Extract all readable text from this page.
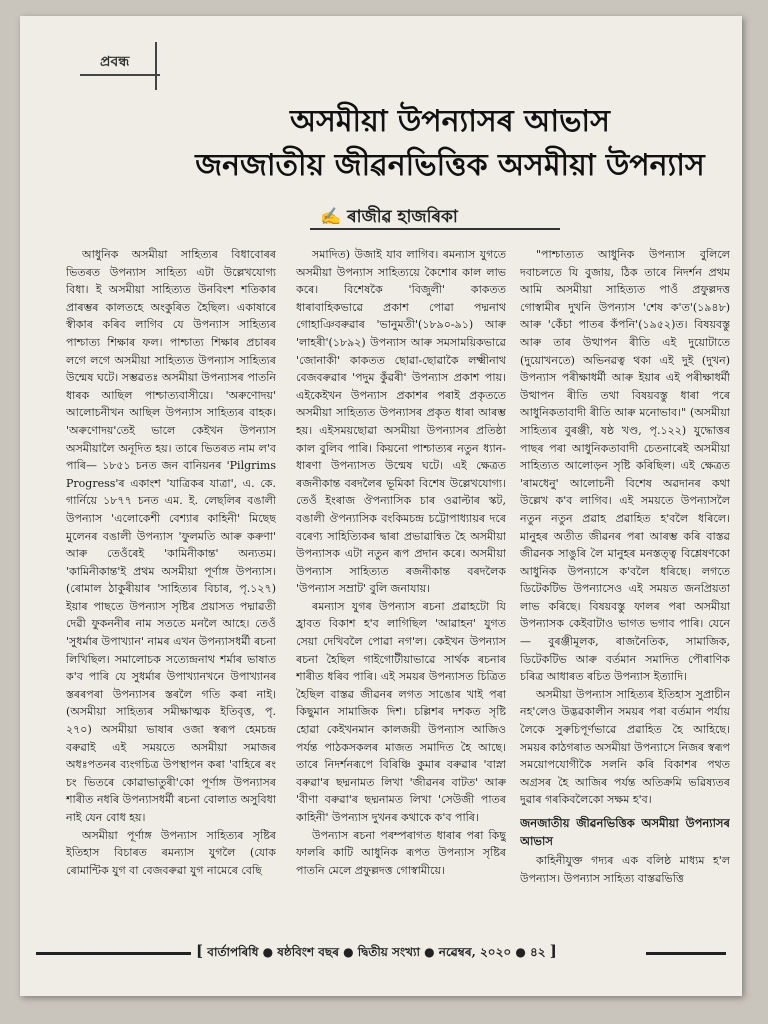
প্ৰবন্ধ
অসমীয়া উপন্যাসৰ আভাস
জনজাতীয় জীৱনভিত্তিক অসমীয়া উপন্যাস
✍ ৰাজীৱ হাজৰিকা

আধুনিক অসমীয়া সাহিত্যৰ বিধাবোৰৰ ভিতৰত উপন্যাস সাহিত্য এটা উল্লেখযোগ্য বিধা। ই অসমীয়া সাহিত্যত উনবিংশ শতিকাৰ প্ৰাৰম্ভৰ কালতহে অংকুৰিত হৈছিল। একাষাৰে স্বীকাৰ কৰিব লাগিব যে উপন্যাস সাহিত্যৰ পাশ্চাত্য শিক্ষাৰ ফল। পাশ্চাত্য শিক্ষাৰ প্ৰচাৰৰ লগে লগে অসমীয়া সাহিত্যত উপন্যাস সাহিত্যৰ উন্মেষ ঘটে। সম্ভৱতঃ অসমীয়া উপন্যাসৰ পাতনি ধাৰক আছিল পাশ্চাত্যবাসীয়ে। 'অৰুণোদয়' আলোচনীখন আছিল উপন্যাস সাহিত্যৰ বাহক। 'অৰুণোদয়'তেই ভালে কেইখন উপন্যাস অসমীয়ালৈ অনূদিত হয়। তাৰে ভিতৰত নাম ল'ব পাৰি— ১৮৫১ চনত জন বানিয়নৰ 'Pilgrims Progress'ৰ একাংশ 'যাত্ৰিকৰ যাত্ৰা', এ. কে. গাৰ্নিয়ে ১৮৭৭ চনত এম. ই. লেছলিৰ বঙালী উপন্যাস 'এলোকেশী বেশ্যাৰ কাহিনী' মিছেছ মুলেনৰ বঙালী উপন্যাস 'ফুলমতি আৰু কৰুণা' আৰু তেওঁৰেই 'কামিনীকান্ত' অন্যতম। 'কামিনীকান্ত'ই প্ৰথম অসমীয়া পূৰ্ণাঙ্গ উপন্যাস। (ৰোমাল ঠাকুৰীয়াৰ 'সাহিত্যৰ বিচাৰ, পৃ.১২৭) ইয়াৰ পাছতে উপন্যাস সৃষ্টিৰ প্ৰয়াসত পদ্মাৱতী দেৱী ফুকননীৰ নাম সততে মনলৈ আহে। তেওঁ 'সুধৰ্মাৰ উপাখ্যান' নামৰ এখন উপন্যাসধৰ্মী ৰচনা লিখিছিল। সমালোচক সত্যেন্দ্ৰনাথ শৰ্মাৰ ভাষাত ক'ব পাৰি যে সুধৰ্মাৰ উপাখ্যানখনে উপাখ্যানৰ স্তৰৰপৰা উপন্যাসৰ স্তৰলৈ গতি কৰা নাই। (অসমীয়া সাহিত্যৰ সমীক্ষাত্মক ইতিবৃত্ত, পৃ. ২৭০) অসমীয়া ভাষাৰ ওজা স্বৰূপ হেমচন্দ্ৰ বৰুৱাই এই সময়তে অসমীয়া সমাজৰ অধঃপতনৰ ব্যংগচিত্ৰ উপস্থাপন কৰা 'বাহিৰে ৰং চং ভিতৰে কোৱাভাতুৰী'কো পূৰ্ণাঙ্গ উপন্যাসৰ শাৰীত নধৰি উপন্যাসধৰ্মী ৰচনা বোলাত অসুবিধা নাই যেন বোধ হয়।

অসমীয়া পূৰ্ণাঙ্গ উপন্যাস সাহিত্যৰ সৃষ্টিৰ ইতিহাস বিচাৰত ৰমন্যাস যুগলৈ (যোক ৰোমান্টিক যুগ বা বেজবৰুৱা যুগ নামেৰে বেছি

সমাদিত) উজাই যাব লাগিব। ৰমন্যাস যুগতে অসমীয়া উপন্যাস সাহিত্যয়ে কৈশোৰ কাল লাভ কৰে। বিশেষকৈ 'বিজুলী' কাকতত ধাৰাবাহিকভাৱে প্ৰকাশ পোৱা পদ্মনাথ গোহাঞিবৰুৱাৰ 'ভানুমতী'(১৮৯০-৯১) আৰু 'লাহৰী'(১৮৯২) উপন্যাস আৰু সমসাময়িকভাৱে 'জোনাকী' কাকতত ছোৱা-ছোৱাকৈ লক্ষ্মীনাথ বেজবৰুৱাৰ 'পদুম কুঁৱৰী' উপন্যাস প্ৰকাশ পায়। এইকেইখন উপন্যাস প্ৰকাশৰ পৰাই প্ৰকৃততে অসমীয়া সাহিত্যত উপন্যাসৰ প্ৰকৃত ধাৰা আৰম্ভ হয়। এইসময়ছোৱা অসমীয়া উপন্যাসৰ প্ৰতিষ্ঠা কাল বুলিব পাৰি। কিয়নো পাশ্চাত্যৰ নতুন ধ্যান-ধাৰণা উপন্যাসত উন্মেষ ঘটে। এই ক্ষেত্ৰত ৰজনীকান্ত বৰদলৈৰ ভূমিকা বিশেষ উল্লেখযোগ্য। তেওঁ ইংৰাজ ঔপন্যাসিক চাৰ ওৱাল্টাৰ স্কট, বঙালী ঔপন্যাসিক বংকিমচন্দ্ৰ চট্টোপাধ্যায়ৰ দৰে বৰেণ্য সাহিত্যিকৰ দ্বাৰা প্ৰভাৱান্বিত হৈ অসমীয়া উপন্যাসক এটা নতুন ৰূপ প্ৰদান কৰে। অসমীয়া উপন্যাস সাহিত্যত ৰজনীকান্ত বৰদলৈক 'উপন্যাস সম্ৰাট' বুলি জনাযায়।

ৰমন্যাস যুগৰ উপন্যাস ৰচনা প্ৰৱাহটো যি হ্ৰাবত বিকাশ হ'ব লাগিছিল 'আৱাহন' যুগত সেয়া দেখিবলৈ পোৱা নগ'ল। কেইখন উপন্যাস ৰচনা হৈছিল গাইগোটীয়াভাৱে সাৰ্থক ৰচনাৰ শাৰীত ধৰিব পাৰি। এই সময়ৰ উপন্যাসত চিত্ৰিত হৈছিল বাস্তৱ জীৱনৰ লগত সাঙোৰ খাই পৰা কিছুমান সামাজিক দিশ। চল্লিশৰ দশকত সৃষ্টি হোৱা কেইখনমান কালজয়ী উপন্যাস আজিও পৰ্যন্ত পাঠকসকলৰ মাজত সমাদিত হৈ আছে। তাৰে নিদৰ্শনৰূপে বিৰিঞ্চি কুমাৰ বৰুৱাৰ 'বাস্না বৰুৱা'ৰ ছদ্মনামত লিখা 'জীৱনৰ বাটত' আৰু 'বীণা বৰুৱা'ৰ ছদ্মনামত লিখা 'সেউজী পাতৰ কাহিনী' উপন্যাস দুখনৰ কথাকে ক'ব পাৰি।

উপন্যাস ৰচনা পৰম্পৰাগত ধাৰাৰ পৰা কিছু ফালৰি কাটি আধুনিক ৰূপত উপন্যাস সৃষ্টিৰ পাতনি মেলে প্ৰফুল্লদত্ত গোস্বামীয়ে।

"পাশ্চাত্যত আধুনিক উপন্যাস বুলিলে দবাচলতে যি বুজায়, ঠিক তাৰে নিদৰ্শন প্ৰথম আমি অসমীয়া সাহিত্যত পাওঁ প্ৰফুল্লদত্ত গোস্বামীৰ দুখনি উপন্যাস 'শেষ ক'ত'(১৯৪৮) আৰু 'কেঁচা পাতৰ কঁপনি'(১৯৫২)ত। বিষয়বস্তু আৰু তাৰ উত্থাপন ৰীতি এই দুয়োটাতে (দুয়োখনতে) অভিনৱত্ব থকা এই দুই (দুখন) উপন্যাস পৰীক্ষাধৰ্মী আৰু ইয়াৰ এই পৰীক্ষাধৰ্মী উত্থাপন ৰীতি তথা বিষয়বস্তু ধাৰা পৰে আধুনিকতাবাদী ৰীতি আৰু মনোভাব।" (অসমীয়া সাহিত্যৰ বুৰঞ্জী, ষষ্ঠ খণ্ড, পৃ.১২২) যুদ্ধোত্তৰ পাছৰ পৰা আধুনিকতাবাদী চেতনাৰেই অসমীয়া সাহিত্যত আলোড়ন সৃষ্টি কৰিছিল। এই ক্ষেত্ৰত 'ৰামধেনু' আলোচনী বিশেষ অৱদানৰ কথা উল্লেখ ক'ব লাগিব। এই সময়তে উপন্যাসলৈ নতুন নতুন প্ৰৱাহ প্ৰৱাহিত হ'বলৈ ধৰিলে। মানুহৰ অতীত জীৱনৰ পৰা আৰম্ভ কৰি বাস্তৱ জীৱনক সাঙুৰি লৈ মানুহৰ মনস্তত্ত্ব বিশ্লেষণকো আধুনিক উপন্যাসে ক'বলৈ ধৰিছে। লগতে ডিটেকটিভ উপন্যাসেও এই সময়ত জনপ্ৰিয়তা লাভ কৰিছে। বিষয়বস্তু ফালৰ পৰা অসমীয়া উপন্যাসক কেইবাটাও ভাগত ভগাব পাৰি। যেনে— বুৰঞ্জীমূলক, ৰাজনৈতিক, সামাজিক, ডিটেকটিভ আৰু বৰ্তমান সমাদিত পৌৰাণিক চৰিত্ৰ আধাৰত ৰচিত উপন্যাস ইত্যাদি।

অসমীয়া উপন্যাস সাহিত্যৰ ইতিহাস সুপ্ৰাচীন নহ'লেও উদ্ভৱকালীন সময়ৰ পৰা বৰ্তমান পৰ্যায় লৈকে সুৰুচিপূৰ্ণভাৱে প্ৰৱাহিত হৈ আহিছে। সময়ৰ কাঠগৰাত অসমীয়া উপন্যাসে নিজৰ স্বৰূপ সময়োপযোগীকৈ সলনি কৰি বিকাশৰ পথত অগ্ৰসৰ হৈ আজিৰ পৰ্যন্ত অতিক্ৰমি ভৱিষ্যতৰ দুৱাৰ গৰকিবলৈকো সক্ষম হ'ব।

জনজাতীয় জীৱনভিত্তিক অসমীয়া উপন্যাসৰ আভাস

কাহিনীযুক্ত গদ্যৰ এক বলিষ্ঠ মাধ্যম হ'ল উপন্যাস। উপন্যাস সাহিত্য বাস্তৱভিত্তি

[ বাৰ্তাপৰিধি ● ষষ্ঠবিংশ বছৰ ● দ্বিতীয় সংখ্যা ● নৱেম্বৰ, ২০২০ ● ৪২ ]
